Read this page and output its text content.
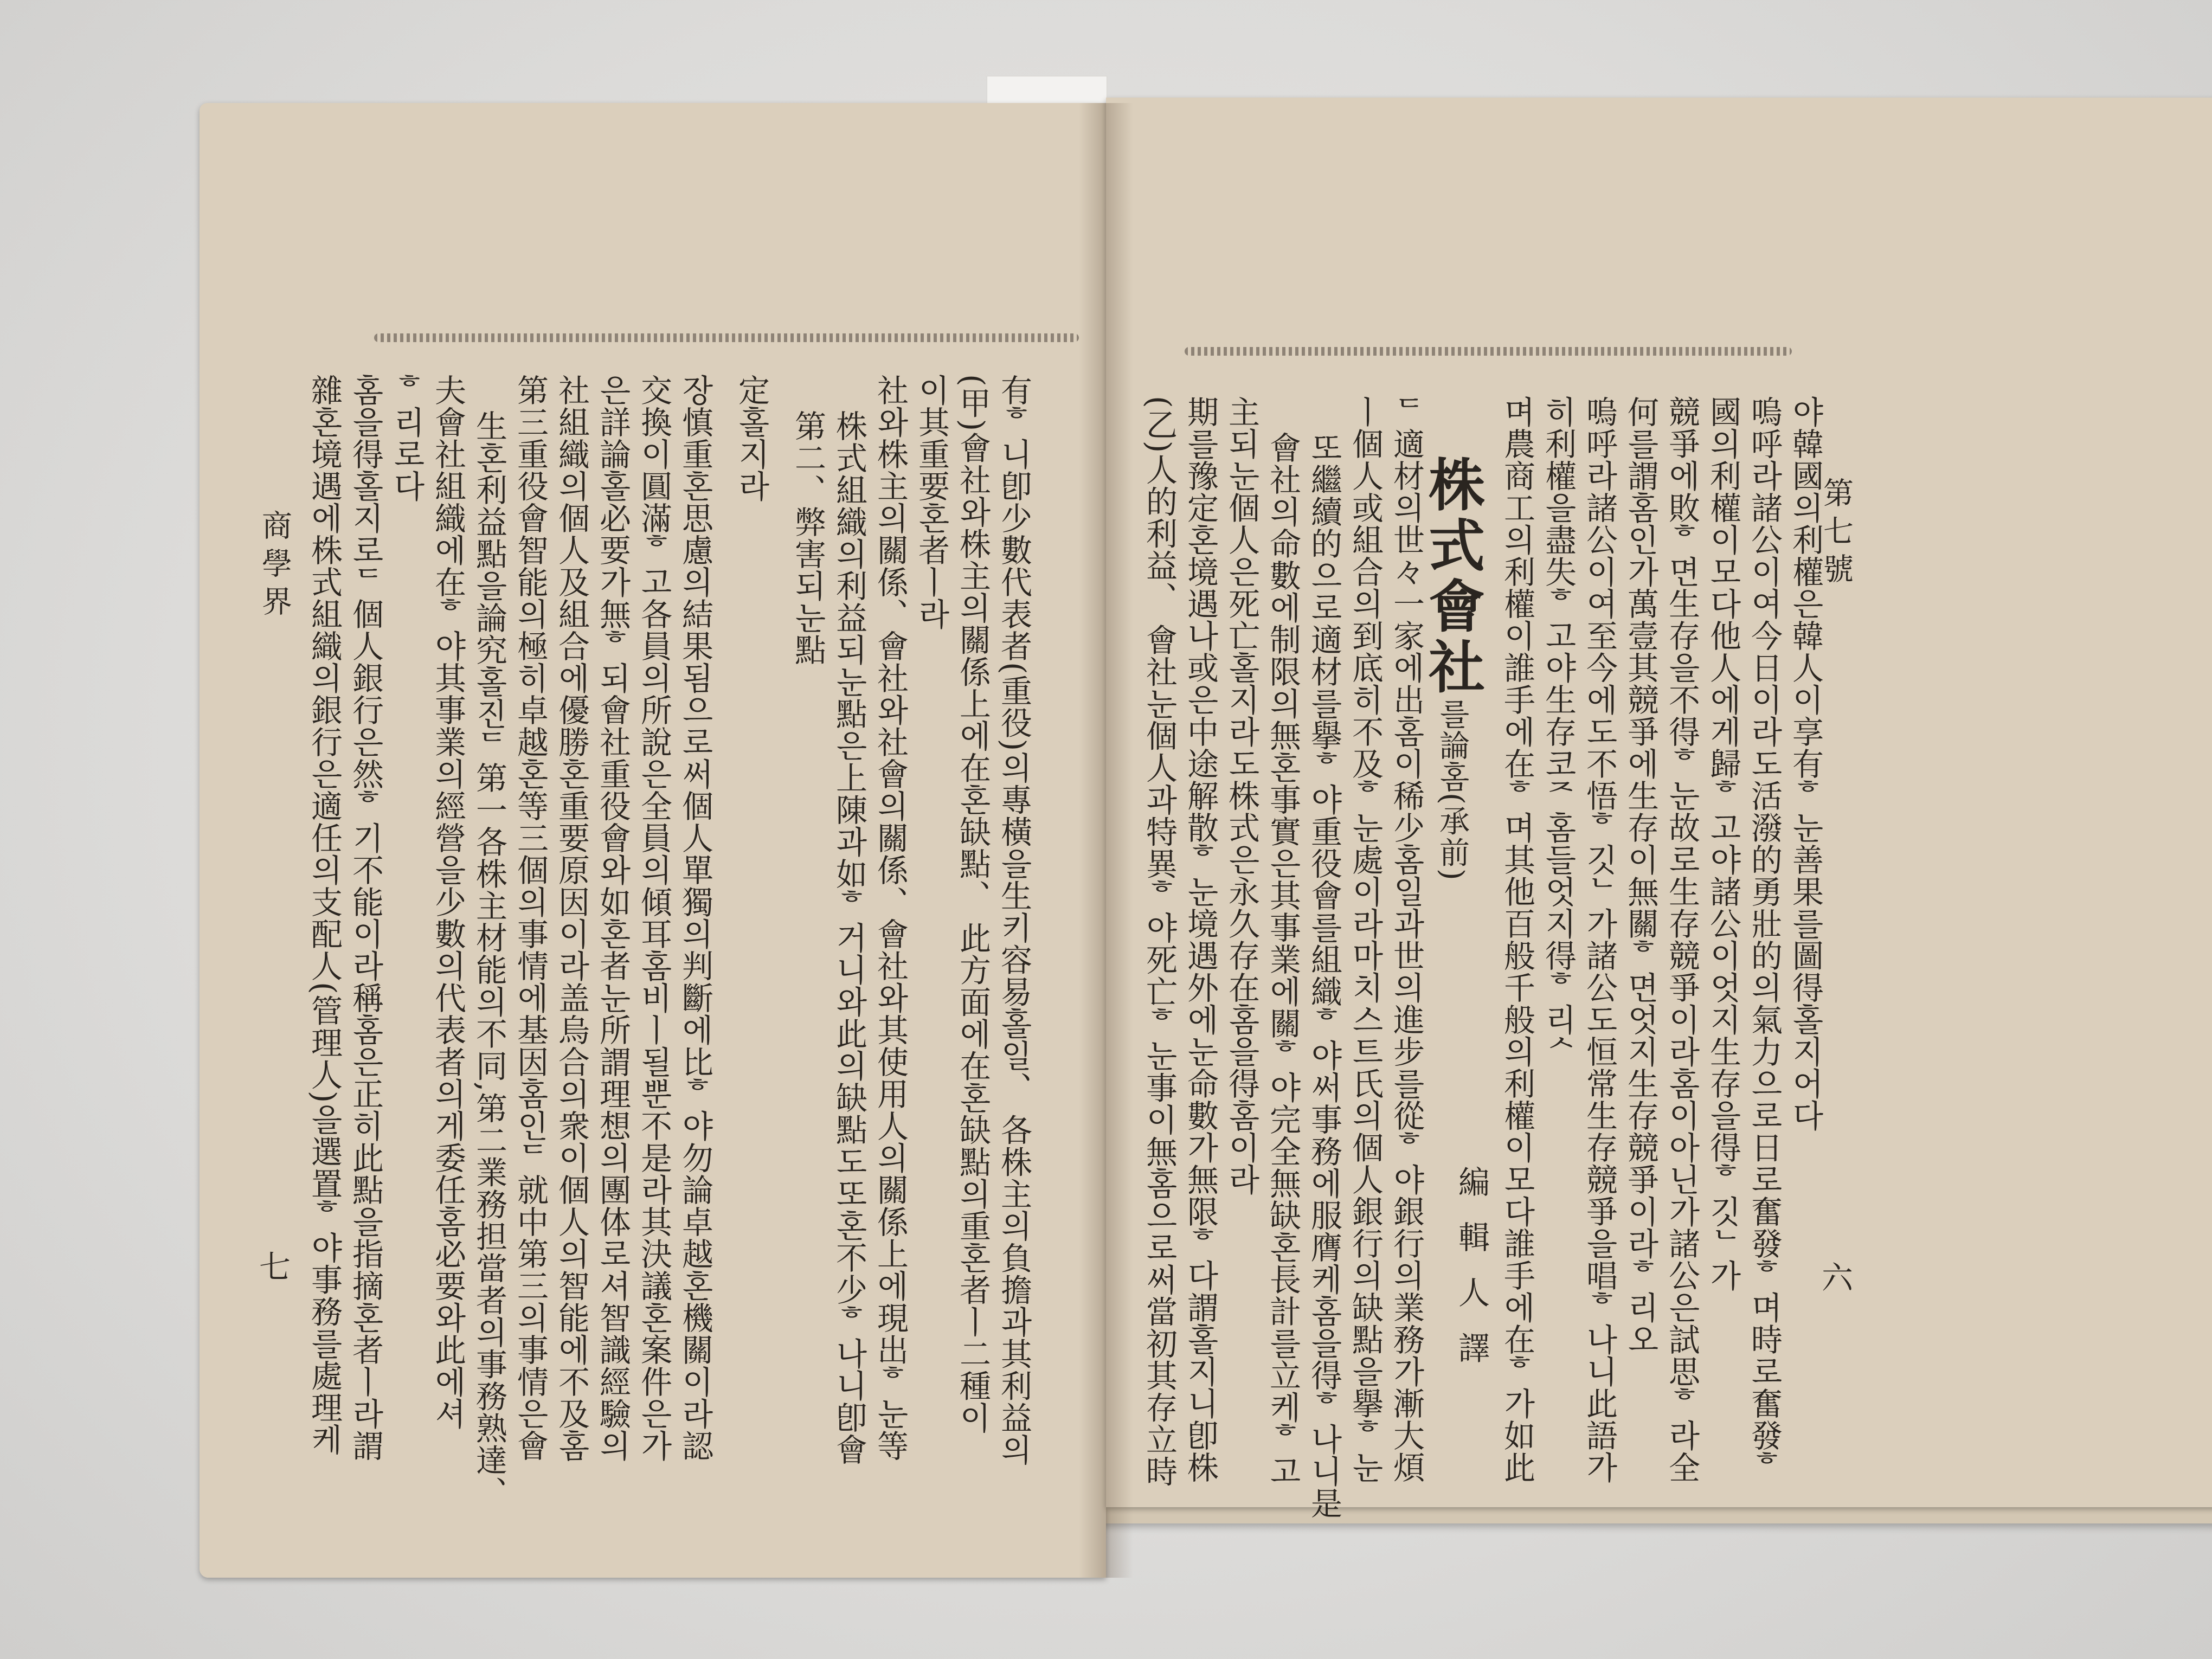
第七號
六
야韓國의利權은韓人이享有ᄒ눈善果를圖得홀지어다
嗚呼라諸公이여今日이라도活潑的勇壯的의氣力으로日로奮發ᄒ며時로奮發ᄒ
國의利權이모다他人에게歸ᄒ고야諸公이엇지生存을得ᄒ깃ᄂ가
競爭에敗ᄒ면生存을不得ᄒ눈故로生存競爭이라홈이아닌가諸公은試思ᄒ라全
何를謂홈인가萬壹其競爭에生存이無關ᄒ면엇지生存競爭이라ᄒ리오
嗚呼라諸公이여至今에도不悟ᄒ깃ᄂ가諸公도恒常生存競爭을唱ᄒ나니此語가
히利權을盡失ᄒ고야生存코ᄌ홈들엇지得ᄒ리ᄉ
며農商工의利權이誰手에在ᄒ며其他百般千般의利權이모다誰手에在ᄒ가如此
株式會社를論홈(承前)
編輯人譯
ᄃ適材의世々一家에出홈이稀少홈일과世의進步를從ᄒ야銀行의業務가漸大煩
ㅣ個人或組合의到底히不及ᄒ눈處이라마치스트氏의個人銀行의缺點을擧ᄒ눈
또繼續的으로適材를擧ᄒ야重役會를組織ᄒ야써事務에服膺케홈을得ᄒ나니是
會社의命數에制限의無혼事實은其事業에關ᄒ야完全無缺혼長計를立케ᄒ고
主되눈個人은死亡홀지라도株式은永久存在홈을得홈이라
期를豫定혼境遇나或은中途解散ᄒ눈境遇外에눈命數가無限ᄒ다謂홀지니卽株
(乙)人的利益、 會社눈個人과特異ᄒ야死亡ᄒ눈事이無홈으로써當初其存立時
有ᄒ니卽少數代表者(重役)의專橫을生키容易홀일、 各株主의負擔과其利益의
(甲)會社와株主의關係上에在혼缺點、 此方面에在혼缺點의重혼者ㅣ二種이
이其重要혼者ㅣ라
社와株主의關係、會社와社會의關係、會社와其使用人의關係上에現出ᄒ눈等
株式組織의利益되눈點은上陳과如ᄒ거니와此의缺點도또혼不少ᄒ나니卽會
第二、弊害되눈點
定홀지라
장慎重혼思慮의結果됨으로써個人單獨의判斷에比ᄒ야勿論卓越혼機關이라認
交換이圓滿ᄒ고各員의所說은全員의傾耳홈비ㅣ될뿐不是라其決議혼案件은가
은詳論홀必要가無ᄒ되會社重役會와如혼者눈所謂理想의團体로셔智識經驗의
社組織의個人及組合에優勝혼重要原因이라盖烏合의衆이個人의智能에不及홈
第三重役會智能의極히卓越혼等三個의事情에基因홈인ᄃ就中第三의事情은會
生혼利益點을論究홀진ᄃ第一各株主材能의不同,第二業務担當者의事務熟達、
夫會社組織에在ᄒ야其事業의經營을少數의代表者의게委任홈必要와此에셔
ᄒ리로다
홈을得홀지로ᄃ個人銀行은然ᄒ기不能이라稱홈은正히此點을指摘혼者ㅣ라謂
雜혼境遇에株式組織의銀行은適任의支配人(管理人)을選置ᄒ야事務를處理케
商學界
七
